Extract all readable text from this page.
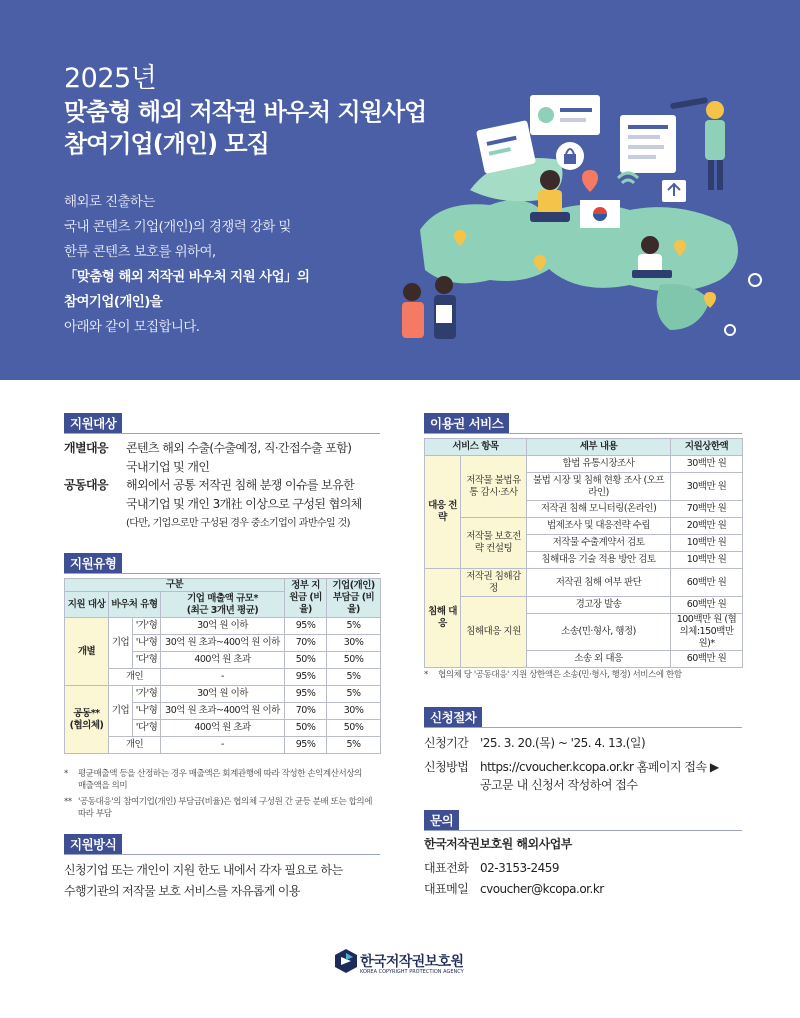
2025년
맞춤형 해외 저작권 바우처 지원사업
참여기업(개인) 모집
해외로 진출하는
국내 콘텐츠 기업(개인)의 경쟁력 강화 및
한류 콘텐츠 보호를 위하여,
「맞춤형 해외 저작권 바우처 지원 사업」의
참여기업(개인)을
아래와 같이 모집합니다.
지원대상
개별대응	콘텐츠 해외 수출(수출예정, 직·간접수출 포함)
국내기업 및 개인
공동대응	해외에서 공통 저작권 침해 분쟁 이슈를 보유한
국내기업 및 개인 3개社 이상으로 구성된 협의체
(다만, 기업으로만 구성된 경우 중소기업이 과반수일 것)
지원유형
구분				정부 지원금 (비율)	기업(개인) 부담금 (비율)
지원 대상	바우처 유형		기업 매출액 규모*
(최근 3개년 평균)		
개별	기업	'가'형	30억 원 이하	95%	5%
		'나'형	30억 원 초과~400억 원 이하	70%	30%
		'다'형	400억 원 초과	50%	50%
	개인		-	95%	5%
공동**
(협의체)	기업	'가'형	30억 원 이하	95%	5%
		'나'형	30억 원 초과~400억 원 이하	70%	30%
		'다'형	400억 원 초과	50%	50%
	개인		-	95%	5%
* 평균매출액 등을 산정하는 경우 매출액은 회계관행에 따라 작성한 손익계산서상의
매출액을 의미
** '공동대응'의 참여기업(개인) 부담금(비율)은 협의체 구성원 간 균등 분배 또는 합의에
따라 부담
지원방식
신청기업 또는 개인이 지원 한도 내에서 각자 필요로 하는
수행기관의 저작물 보호 서비스를 자유롭게 이용
이용권 서비스
서비스 항목		세부 내용	지원상한액
대응 전략	저작물 불법유통 감시·조사	합법 유통시장조사	30백만 원
		불법 시장 및 침해 현황 조사 (오프라인)	30백만 원
		저작권 침해 모니터링(온라인)	70백만 원
	저작물 보호전략 컨설팅	법제조사 및 대응전략 수립	20백만 원
		저작물 수출계약서 검토	10백만 원
		침해대응 기술 적용 방안 검토	10백만 원
침해 대응	저작권 침해감정	저작권 침해 여부 판단	60백만 원
	침해대응 지원	경고장 발송	60백만 원
		소송(민·형사, 행정)	100백만 원 (협의체:150백만 원)*
		소송 외 대응	60백만 원
* 협의체 당 '공동대응' 지원 상한액은 소송(민·형사, 행정) 서비스에 한함
신청절차
신청기간 '25. 3. 20.(목) ~ '25. 4. 13.(일)
신청방법 https://cvoucher.kcopa.or.kr 홈페이지 접속 ▶
공고문 내 신청서 작성하여 접수
문의
한국저작권보호원 해외사업부
대표전화 02-3153-2459
대표메일 cvoucher@kcopa.or.kr
한국저작권보호원
KOREA COPYRIGHT PROTECTION AGENCY
